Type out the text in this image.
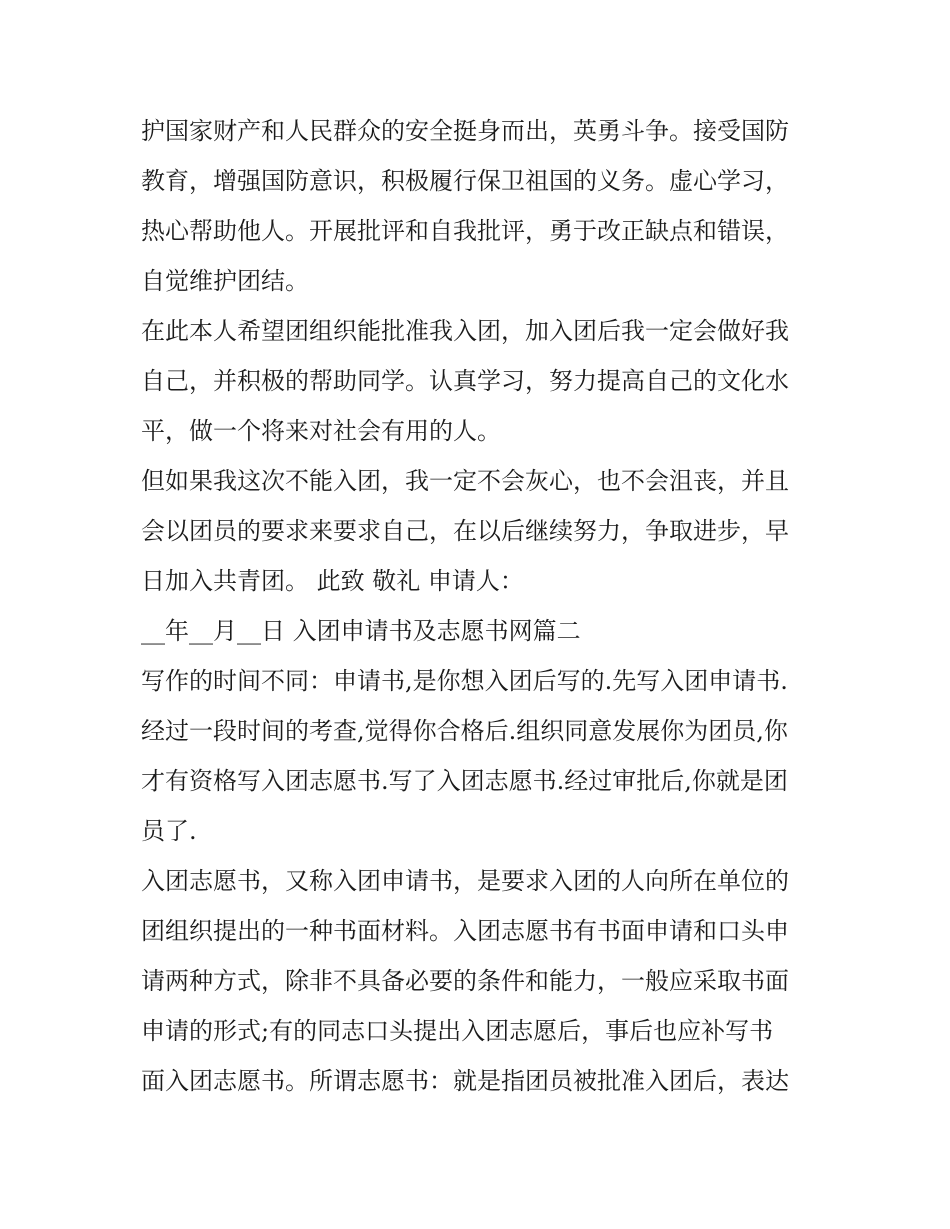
护国家财产和人民群众的安全挺身而出，英勇斗争。接受国防
教育，增强国防意识，积极履行保卫祖国的义务。虚心学习，
热心帮助他人。开展批评和自我批评，勇于改正缺点和错误，
自觉维护团结。
在此本人希望团组织能批准我入团，加入团后我一定会做好我
自己，并积极的帮助同学。认真学习，努力提高自己的文化水
平，做一个将来对社会有用的人。
但如果我这次不能入团，我一定不会灰心，也不会沮丧，并且
会以团员的要求来要求自己，在以后继续努力，争取进步，早
日加入共青团。 此致 敬礼 申请人：
__年__月__日 入团申请书及志愿书网篇二
写作的时间不同：申请书,是你想入团后写的.先写入团申请书.
经过一段时间的考查,觉得你合格后.组织同意发展你为团员,你
才有资格写入团志愿书.写了入团志愿书.经过审批后,你就是团
员了.
入团志愿书，又称入团申请书，是要求入团的人向所在单位的
团组织提出的一种书面材料。入团志愿书有书面申请和口头申
请两种方式，除非不具备必要的条件和能力，一般应采取书面
申请的形式;有的同志口头提出入团志愿后，事后也应补写书
面入团志愿书。所谓志愿书：就是指团员被批准入团后，表达
